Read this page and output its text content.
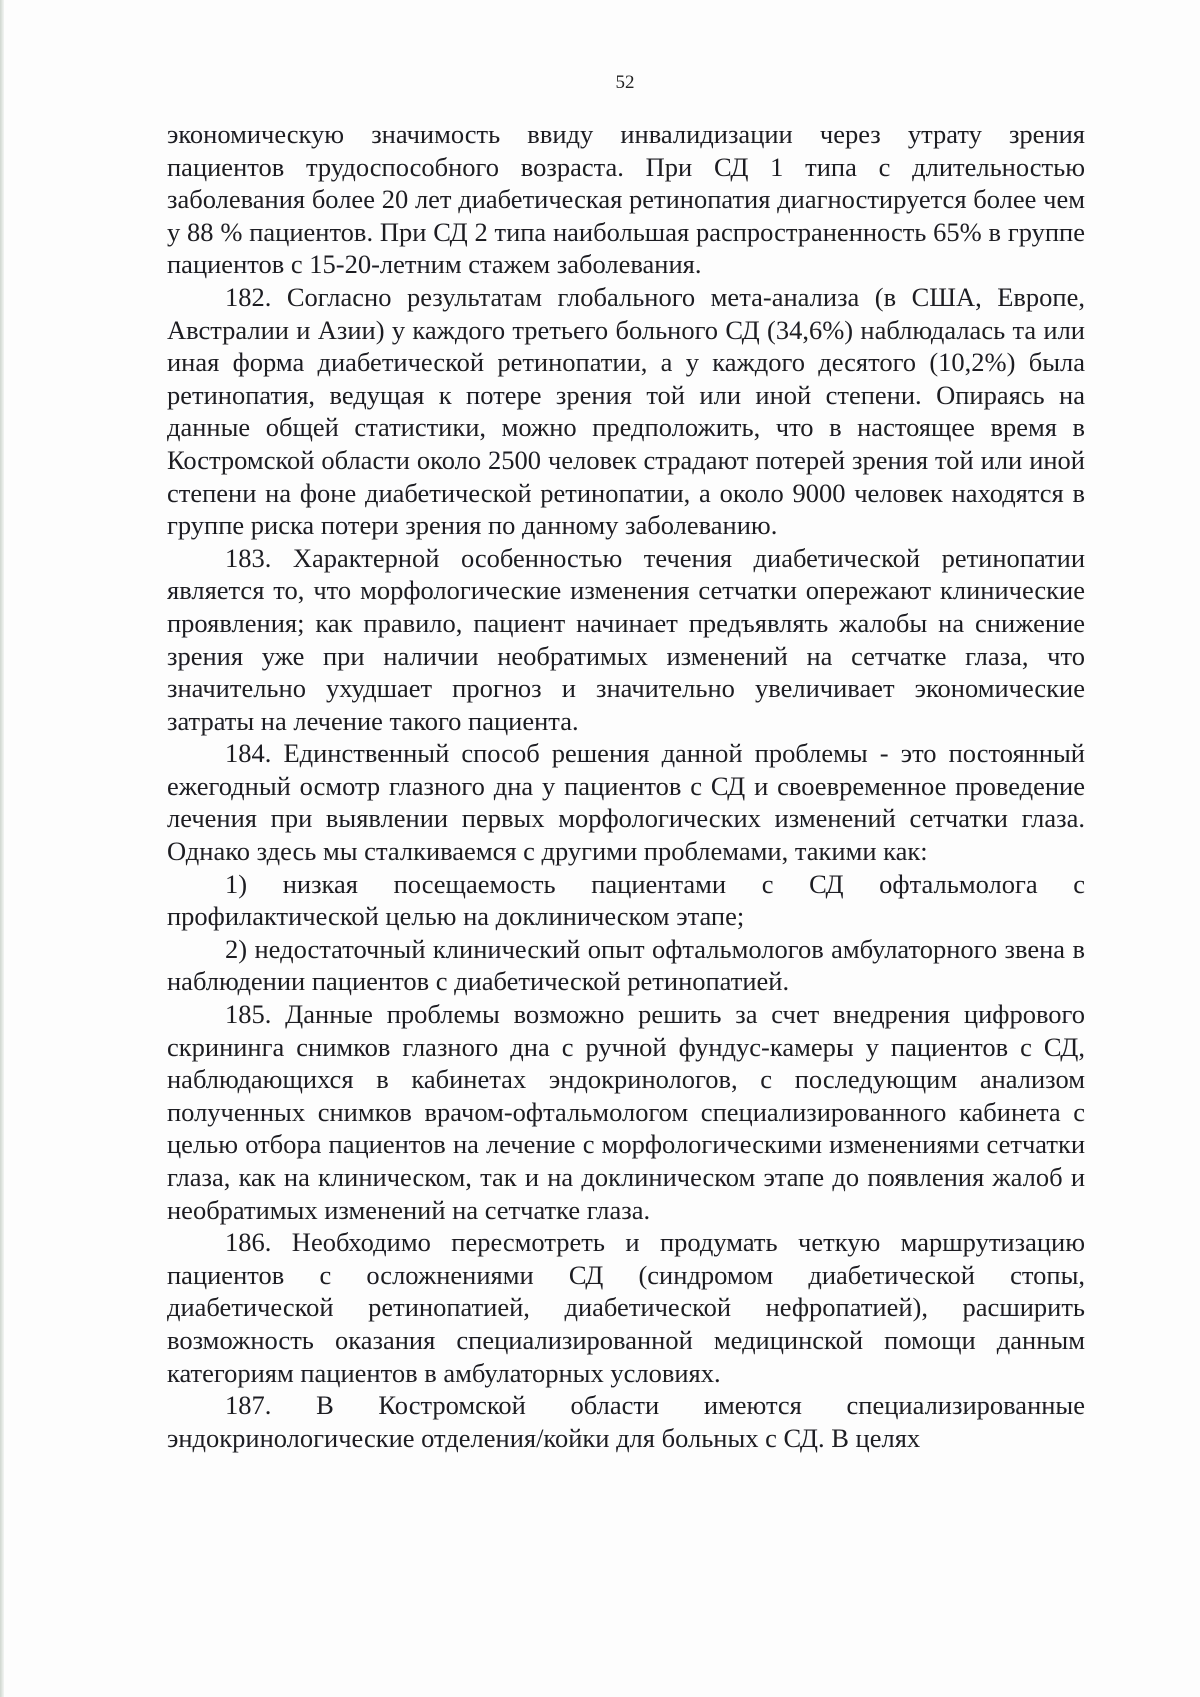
52

экономическую значимость ввиду инвалидизации через утрату зрения пациентов трудоспособного возраста. При СД 1 типа с длительностью заболевания более 20 лет диабетическая ретинопатия диагностируется более чем у 88 % пациентов. При СД 2 типа наибольшая распространенность 65% в группе пациентов с 15-20-летним стажем заболевания.

182. Согласно результатам глобального мета-анализа (в США, Европе, Австралии и Азии) у каждого третьего больного СД (34,6%) наблюдалась та или иная форма диабетической ретинопатии, а у каждого десятого (10,2%) была ретинопатия, ведущая к потере зрения той или иной степени. Опираясь на данные общей статистики, можно предположить, что в настоящее время в Костромской области около 2500 человек страдают потерей зрения той или иной степени на фоне диабетической ретинопатии, а около 9000 человек находятся в группе риска потери зрения по данному заболеванию.

183. Характерной особенностью течения диабетической ретинопатии является то, что морфологические изменения сетчатки опережают клинические проявления; как правило, пациент начинает предъявлять жалобы на снижение зрения уже при наличии необратимых изменений на сетчатке глаза, что значительно ухудшает прогноз и значительно увеличивает экономические затраты на лечение такого пациента.

184. Единственный способ решения данной проблемы - это постоянный ежегодный осмотр глазного дна у пациентов с СД и своевременное проведение лечения при выявлении первых морфологических изменений сетчатки глаза. Однако здесь мы сталкиваемся с другими проблемами, такими как:

1) низкая посещаемость пациентами с СД офтальмолога с профилактической целью на доклиническом этапе;

2) недостаточный клинический опыт офтальмологов амбулаторного звена в наблюдении пациентов с диабетической ретинопатией.

185. Данные проблемы возможно решить за счет внедрения цифрового скрининга снимков глазного дна с ручной фундус-камеры у пациентов с СД, наблюдающихся в кабинетах эндокринологов, с последующим анализом полученных снимков врачом-офтальмологом специализированного кабинета с целью отбора пациентов на лечение с морфологическими изменениями сетчатки глаза, как на клиническом, так и на доклиническом этапе до появления жалоб и необратимых изменений на сетчатке глаза.

186. Необходимо пересмотреть и продумать четкую маршрутизацию пациентов с осложнениями СД (синдромом диабетической стопы, диабетической ретинопатией, диабетической нефропатией), расширить возможность оказания специализированной медицинской помощи данным категориям пациентов в амбулаторных условиях.

187. В Костромской области имеются специализированные эндокринологические отделения/койки для больных с СД. В целях
